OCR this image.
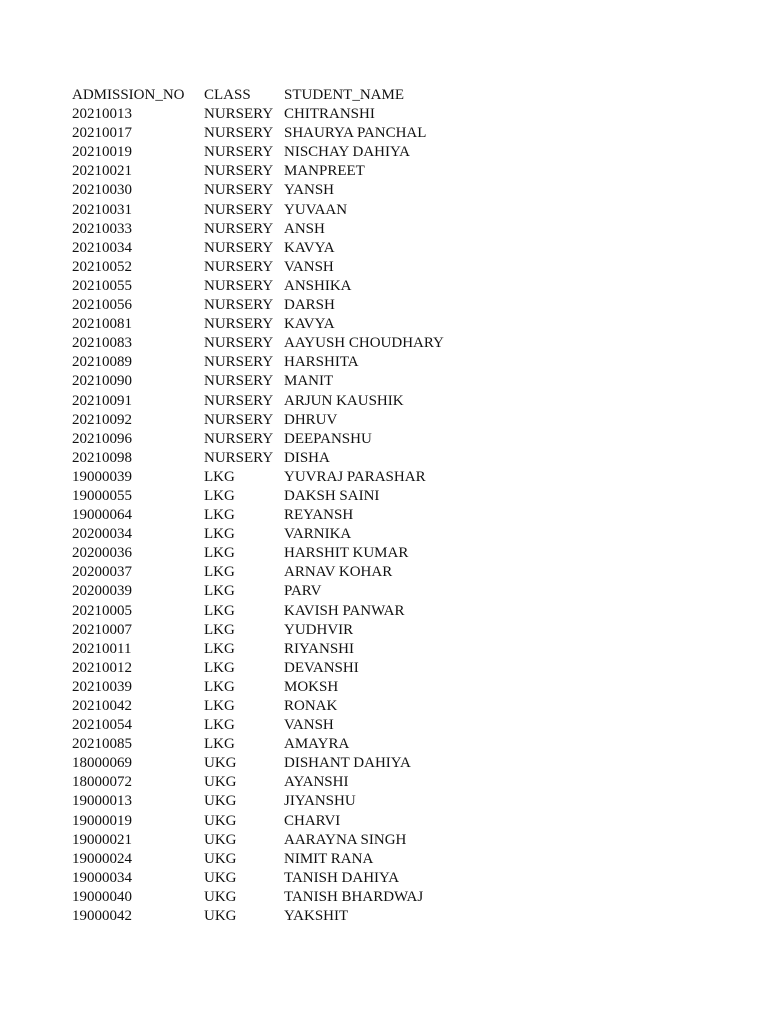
ADMISSION_NO	CLASS	STUDENT_NAME
20210013	NURSERY CHITRANSHI
20210017	NURSERY SHAURYA PANCHAL
20210019	NURSERY NISCHAY DAHIYA
20210021	NURSERY MANPREET
20210030	NURSERY YANSH
20210031	NURSERY YUVAAN
20210033	NURSERY ANSH
20210034	NURSERY KAVYA
20210052	NURSERY VANSH
20210055	NURSERY ANSHIKA
20210056	NURSERY DARSH
20210081	NURSERY KAVYA
20210083	NURSERY AAYUSH CHOUDHARY
20210089	NURSERY HARSHITA
20210090	NURSERY MANIT
20210091	NURSERY ARJUN KAUSHIK
20210092	NURSERY DHRUV
20210096	NURSERY DEEPANSHU
20210098	NURSERY DISHA
19000039	LKG	YUVRAJ PARASHAR
19000055	LKG	DAKSH SAINI
19000064	LKG	REYANSH
20200034	LKG	VARNIKA
20200036	LKG	HARSHIT KUMAR
20200037	LKG	ARNAV KOHAR
20200039	LKG	PARV
20210005	LKG	KAVISH PANWAR
20210007	LKG	YUDHVIR
20210011	LKG	RIYANSHI
20210012	LKG	DEVANSHI
20210039	LKG	MOKSH
20210042	LKG	RONAK
20210054	LKG	VANSH
20210085	LKG	AMAYRA
18000069	UKG	DISHANT DAHIYA
18000072	UKG	AYANSHI
19000013	UKG	JIYANSHU
19000019	UKG	CHARVI
19000021	UKG	AARAYNA SINGH
19000024	UKG	NIMIT RANA
19000034	UKG	TANISH DAHIYA
19000040	UKG	TANISH BHARDWAJ
19000042	UKG	YAKSHIT
